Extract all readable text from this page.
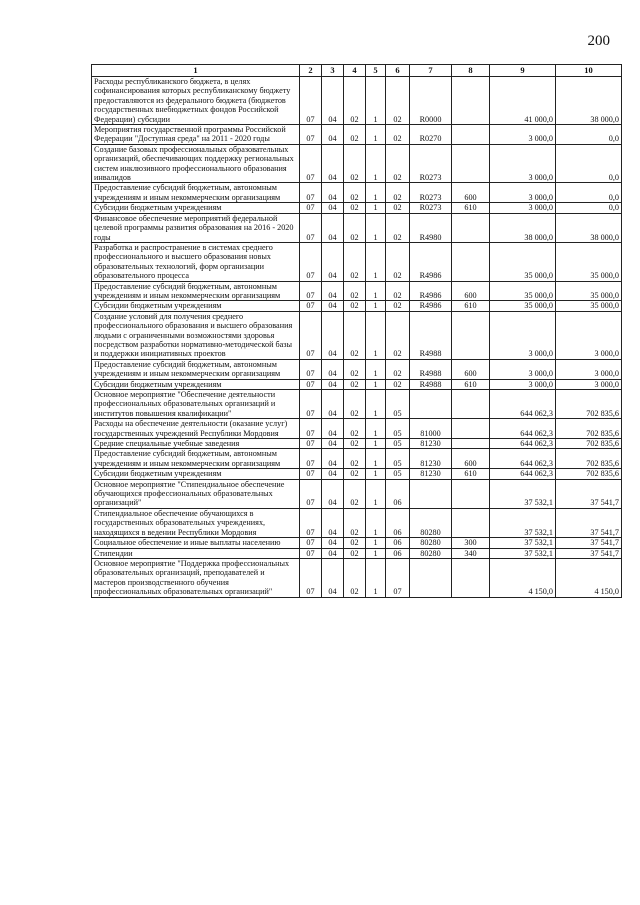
200
1	2	3	4	5	6	7	8	9	10
Расходы республиканского бюджета, в целях софинансирования которых республиканскому бюджету предоставляются из федерального бюджета (бюджетов государственных внебюджетных фондов Российской Федерации) субсидии	07	04	02	1	02	R0000		41 000,0	38 000,0
Мероприятия государственной программы Российской Федерации "Доступная среда" на 2011 - 2020 годы	07	04	02	1	02	R0270		3 000,0	0,0
Создание базовых профессиональных образовательных организаций, обеспечивающих поддержку региональных систем инклюзивного профессионального образования инвалидов	07	04	02	1	02	R0273		3 000,0	0,0
Предоставление субсидий бюджетным, автономным учреждениям и иным некоммерческим организациям	07	04	02	1	02	R0273	600	3 000,0	0,0
Субсидии бюджетным учреждениям	07	04	02	1	02	R0273	610	3 000,0	0,0
Финансовое обеспечение мероприятий федеральной целевой программы развития образования на 2016 - 2020 годы	07	04	02	1	02	R4980		38 000,0	38 000,0
Разработка и распространение в системах среднего профессионального и высшего образования новых образовательных технологий, форм организации образовательного процесса	07	04	02	1	02	R4986		35 000,0	35 000,0
Предоставление субсидий бюджетным, автономным учреждениям и иным некоммерческим организациям	07	04	02	1	02	R4986	600	35 000,0	35 000,0
Субсидии бюджетным учреждениям	07	04	02	1	02	R4986	610	35 000,0	35 000,0
Создание условий для получения среднего профессионального образования и высшего образования людьми с ограниченными возможностями здоровья посредством разработки нормативно-методической базы и поддержки инициативных проектов	07	04	02	1	02	R4988		3 000,0	3 000,0
Предоставление субсидий бюджетным, автономным учреждениям и иным некоммерческим организациям	07	04	02	1	02	R4988	600	3 000,0	3 000,0
Субсидии бюджетным учреждениям	07	04	02	1	02	R4988	610	3 000,0	3 000,0
Основное мероприятие "Обеспечение деятельности профессиональных образовательных организаций и институтов повышения квалификации"	07	04	02	1	05			644 062,3	702 835,6
Расходы на обеспечение деятельности (оказание услуг) государственных учреждений Республики Мордовия	07	04	02	1	05	81000		644 062,3	702 835,6
Средние специальные учебные заведения	07	04	02	1	05	81230		644 062,3	702 835,6
Предоставление субсидий бюджетным, автономным учреждениям и иным некоммерческим организациям	07	04	02	1	05	81230	600	644 062,3	702 835,6
Субсидии бюджетным учреждениям	07	04	02	1	05	81230	610	644 062,3	702 835,6
Основное мероприятие "Стипендиальное обеспечение обучающихся профессиональных образовательных организаций"	07	04	02	1	06			37 532,1	37 541,7
Стипендиальное обеспечение обучающихся в государственных образовательных учреждениях, находящихся в ведении Республики Мордовия	07	04	02	1	06	80280		37 532,1	37 541,7
Социальное обеспечение и иные выплаты населению	07	04	02	1	06	80280	300	37 532,1	37 541,7
Стипендии	07	04	02	1	06	80280	340	37 532,1	37 541,7
Основное мероприятие "Поддержка профессиональных образовательных организаций, преподавателей и мастеров производственного обучения профессиональных образовательных организаций"	07	04	02	1	07			4 150,0	4 150,0
